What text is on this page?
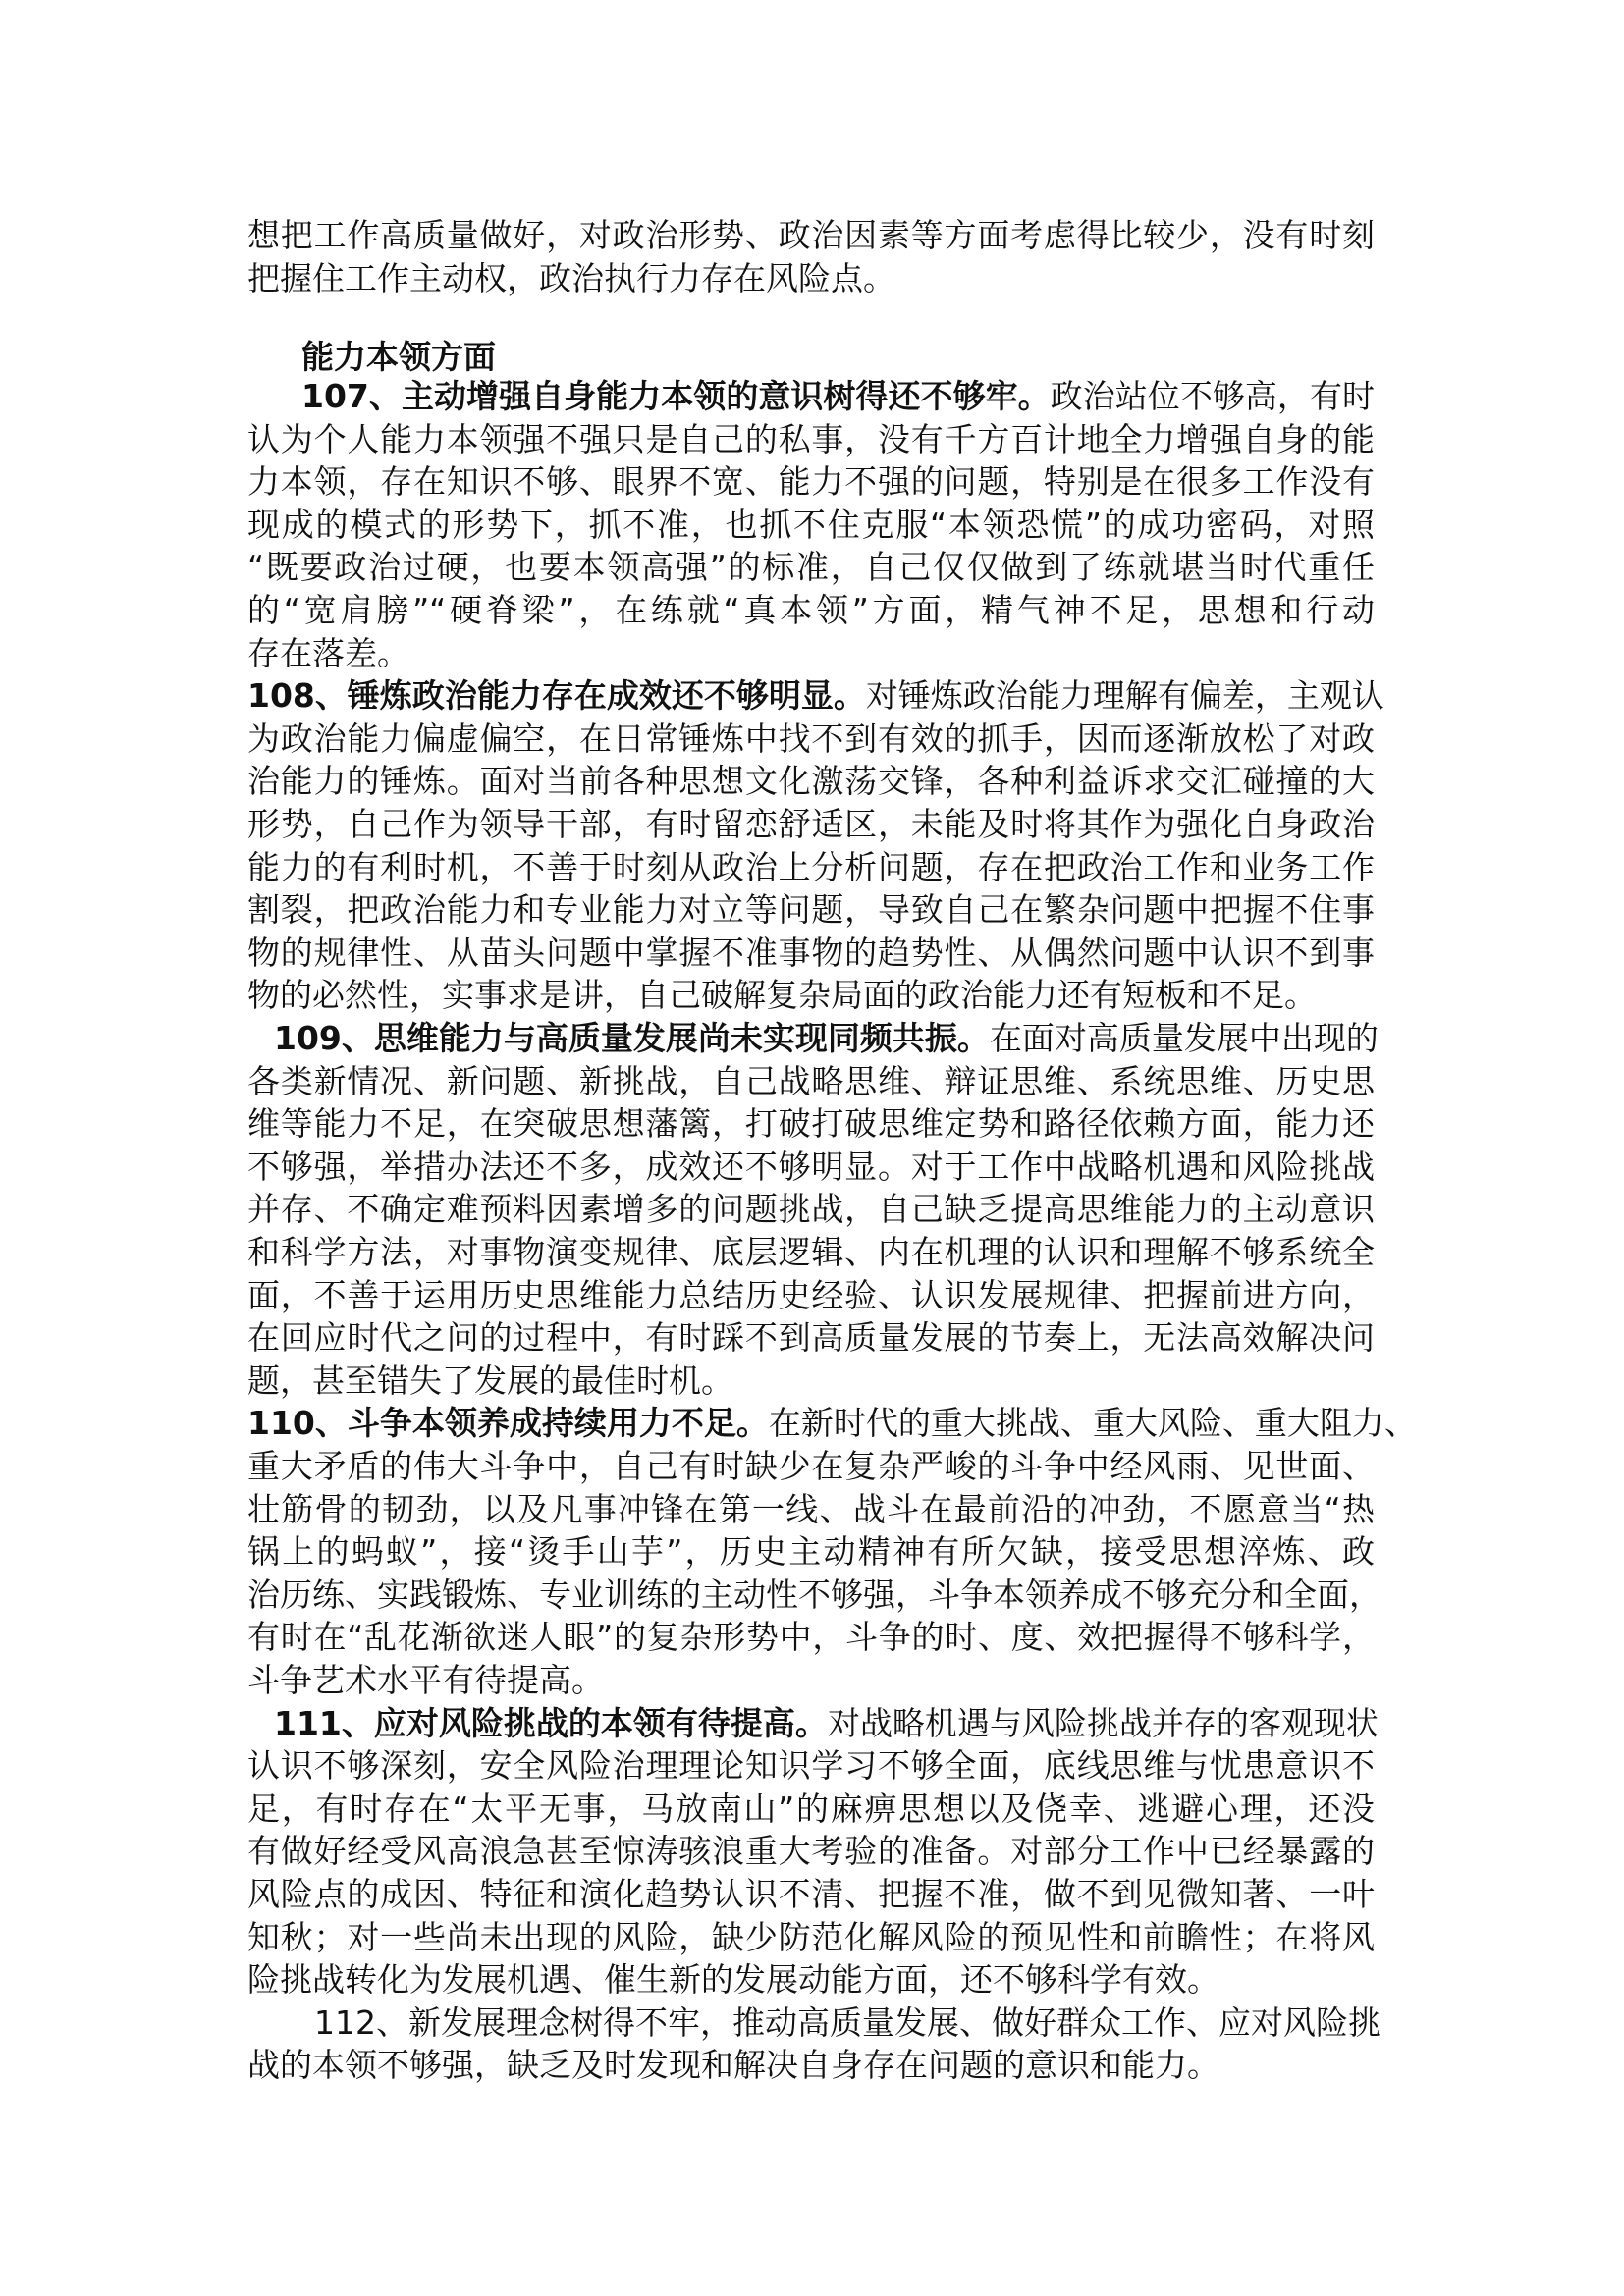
想把工作高质量做好，对政治形势、政治因素等方面考虑得比较少，没有时刻
把握住工作主动权，政治执行力存在风险点。
能力本领方面
107、主动增强自身能力本领的意识树得还不够牢。政治站位不够高，有时
认为个人能力本领强不强只是自己的私事，没有千方百计地全力增强自身的能
力本领，存在知识不够、眼界不宽、能力不强的问题，特别是在很多工作没有
现成的模式的形势下，抓不准，也抓不住克服“本领恐慌”的成功密码，对照
“既要政治过硬，也要本领高强”的标准，自己仅仅做到了练就堪当时代重任
的“宽肩膀”“硬脊梁”，在练就“真本领”方面，精气神不足，思想和行动
存在落差。
108、锤炼政治能力存在成效还不够明显。对锤炼政治能力理解有偏差，主观认
为政治能力偏虚偏空，在日常锤炼中找不到有效的抓手，因而逐渐放松了对政
治能力的锤炼。面对当前各种思想文化激荡交锋，各种利益诉求交汇碰撞的大
形势，自己作为领导干部，有时留恋舒适区，未能及时将其作为强化自身政治
能力的有利时机，不善于时刻从政治上分析问题，存在把政治工作和业务工作
割裂，把政治能力和专业能力对立等问题，导致自己在繁杂问题中把握不住事
物的规律性、从苗头问题中掌握不准事物的趋势性、从偶然问题中认识不到事
物的必然性，实事求是讲，自己破解复杂局面的政治能力还有短板和不足。
109、思维能力与高质量发展尚未实现同频共振。在面对高质量发展中出现的
各类新情况、新问题、新挑战，自己战略思维、辩证思维、系统思维、历史思
维等能力不足，在突破思想藩篱，打破打破思维定势和路径依赖方面，能力还
不够强，举措办法还不多，成效还不够明显。对于工作中战略机遇和风险挑战
并存、不确定难预料因素增多的问题挑战，自己缺乏提高思维能力的主动意识
和科学方法，对事物演变规律、底层逻辑、内在机理的认识和理解不够系统全
面，不善于运用历史思维能力总结历史经验、认识发展规律、把握前进方向，
在回应时代之问的过程中，有时踩不到高质量发展的节奏上，无法高效解决问
题，甚至错失了发展的最佳时机。
110、斗争本领养成持续用力不足。在新时代的重大挑战、重大风险、重大阻力、
重大矛盾的伟大斗争中，自己有时缺少在复杂严峻的斗争中经风雨、见世面、
壮筋骨的韧劲，以及凡事冲锋在第一线、战斗在最前沿的冲劲，不愿意当“热
锅上的蚂蚁”，接“烫手山芋”，历史主动精神有所欠缺，接受思想淬炼、政
治历练、实践锻炼、专业训练的主动性不够强，斗争本领养成不够充分和全面，
有时在“乱花渐欲迷人眼”的复杂形势中，斗争的时、度、效把握得不够科学，
斗争艺术水平有待提高。
111、应对风险挑战的本领有待提高。对战略机遇与风险挑战并存的客观现状
认识不够深刻，安全风险治理理论知识学习不够全面，底线思维与忧患意识不
足，有时存在“太平无事，马放南山”的麻痹思想以及侥幸、逃避心理，还没
有做好经受风高浪急甚至惊涛骇浪重大考验的准备。对部分工作中已经暴露的
风险点的成因、特征和演化趋势认识不清、把握不准，做不到见微知著、一叶
知秋；对一些尚未出现的风险，缺少防范化解风险的预见性和前瞻性；在将风
险挑战转化为发展机遇、催生新的发展动能方面，还不够科学有效。
112、新发展理念树得不牢，推动高质量发展、做好群众工作、应对风险挑
战的本领不够强，缺乏及时发现和解决自身存在问题的意识和能力。
